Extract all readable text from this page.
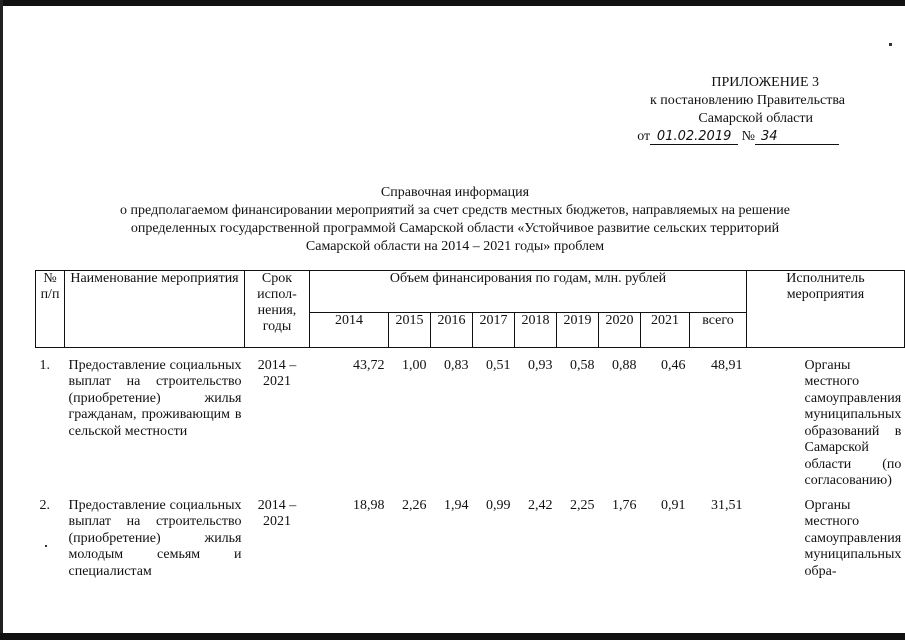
ПРИЛОЖЕНИЕ 3
к постановлению Правительства
Самарской области
от 01.02.2019 № 34
Справочная информация
о предполагаемом финансировании мероприятий за счет средств местных бюджетов, направляемых на решение
определенных государственной программой Самарской области «Устойчивое развитие сельских территорий
Самарской области на 2014 – 2021 годы» проблем
№ п/п	Наименование мероприятия	Срок испол-нения, годы	Объем финансирования по годам, млн. рублей									Исполнитель мероприятия
			2014	2015	2016	2017	2018	2019	2020	2021	всего	

1.	Предоставление социальных выплат на строительство (приобретение) жилья гражданам, проживающим в сельской местности	2014 – 2021	43,72	1,00	0,83	0,51	0,93	0,58	0,88	0,46	48,91	Органы местного самоуправления муниципальных образований в Самарской области (по согласованию)
2.	Предоставление социальных выплат на строительство (приобретение) жилья молодым семьям и специалистам	2014 – 2021	18,98	2,26	1,94	0,99	2,42	2,25	1,76	0,91	31,51	Органы местного самоуправления муниципальных обра-
